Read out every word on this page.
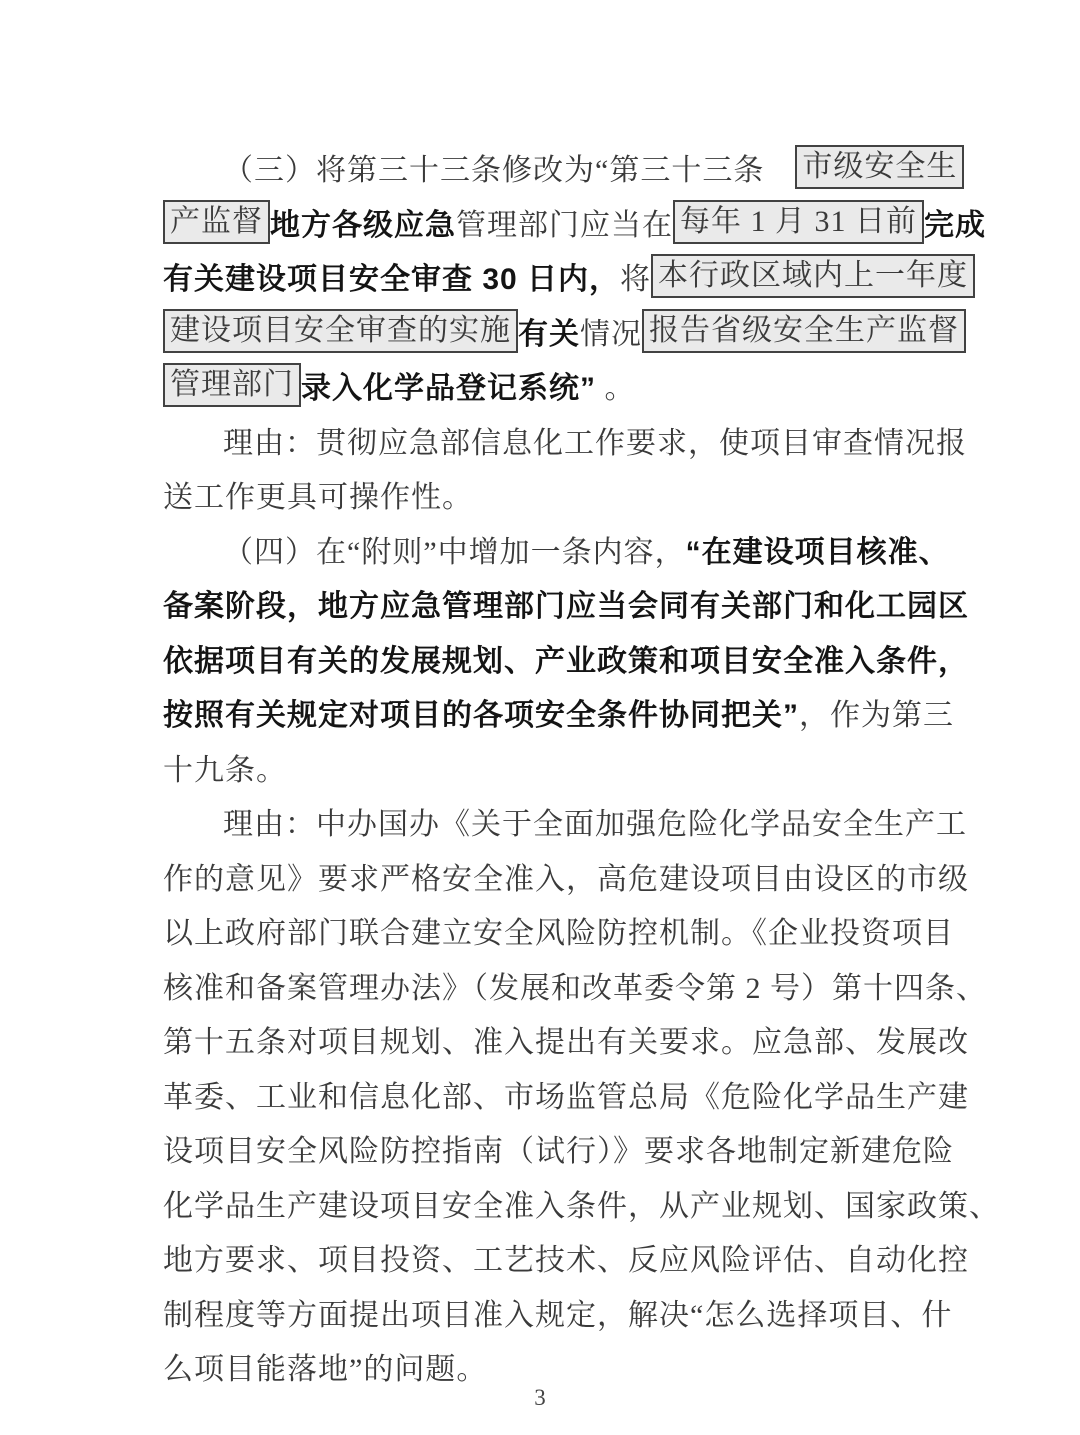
（三）将第三十三条修改为“第三十三条　 市级安全生
产监督 地方各级应急 管理部门应当在 每年 1 月 31 日前 完成
有关建设项目安全审查 30 日内， 将 本行政区域内上一年度
建设项目安全审查的实施 有关 情况 报告省级安全生产监督
管理部门 录入化学品登记系统” 。
理由：贯彻应急部信息化工作要求，使项目审查情况报
送工作更具可操作性。
（四）在“附则”中增加一条内容， “在建设项目核准、
备案阶段，地方应急管理部门应当会同有关部门和化工园区
依据项目有关的发展规划、产业政策和项目安全准入条件，
按照有关规定对项目的各项安全条件协同把关” ，作为第三
十九条。
理由：中办国办《关于全面加强危险化学品安全生产工
作的意见》要求严格安全准入，高危建设项目由设区的市级
以上政府部门联合建立安全风险防控机制。《企业投资项目
核准和备案管理办法》（发展和改革委令第 2 号）第十四条、
第十五条对项目规划、准入提出有关要求。应急部、发展改
革委、工业和信息化部、市场监管总局《危险化学品生产建
设项目安全风险防控指南（试行）》要求各地制定新建危险
化学品生产建设项目安全准入条件，从产业规划、国家政策、
地方要求、项目投资、工艺技术、反应风险评估、自动化控
制程度等方面提出项目准入规定，解决“怎么选择项目、什
么项目能落地”的问题。
3
